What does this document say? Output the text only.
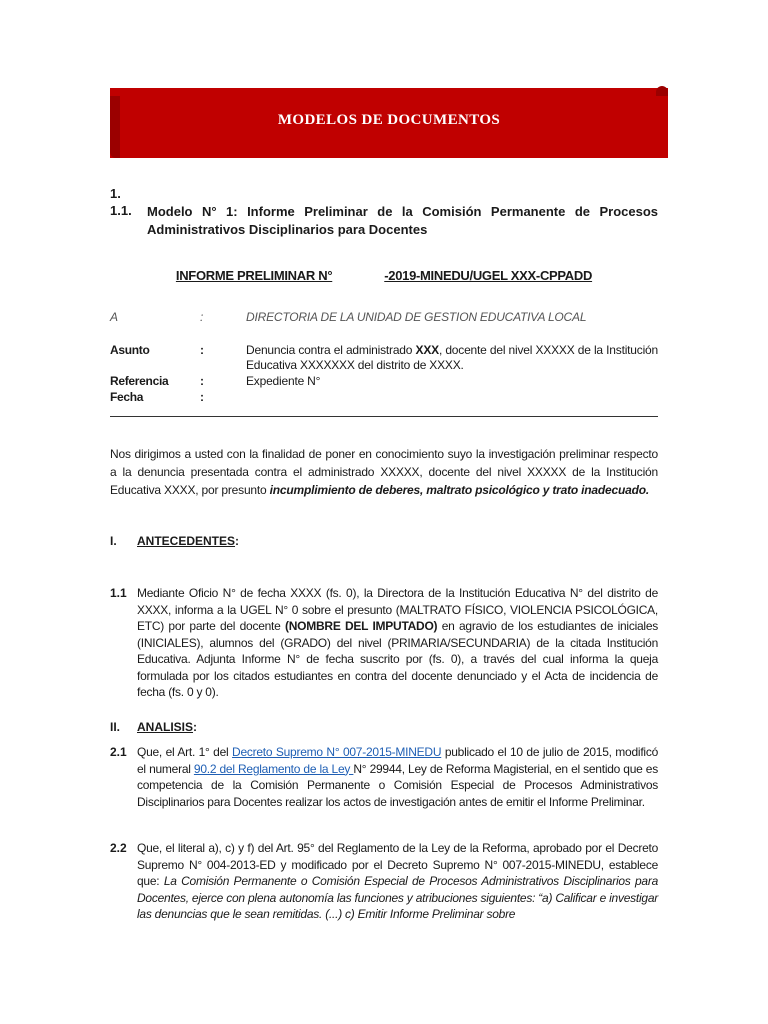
MODELOS DE DOCUMENTOS
1.
1.1. Modelo N° 1: Informe Preliminar de la Comisión Permanente de Procesos Administrativos Disciplinarios para Docentes
INFORME PRELIMINAR N°	-2019-MINEDU/UGEL XXX-CPPADD
A	:	DIRECTORIA DE LA UNIDAD DE GESTION EDUCATIVA LOCAL
Asunto	:	Denuncia contra el administrado XXX, docente del nivel XXXXX de la Institución Educativa XXXXXXX del distrito de XXXX.
Referencia	:	Expediente N°
Fecha	:
Nos dirigimos a usted con la finalidad de poner en conocimiento suyo la investigación preliminar respecto a la denuncia presentada contra el administrado XXXXX, docente del nivel XXXXX de la Institución Educativa XXXX, por presunto incumplimiento de deberes, maltrato psicológico y trato inadecuado.
I. ANTECEDENTES:
1.1 Mediante Oficio N° de fecha XXXX (fs. 0), la Directora de la Institución Educativa N° del distrito de XXXX, informa a la UGEL N° 0 sobre el presunto (MALTRATO FÍSICO, VIOLENCIA PSICOLÓGICA, ETC) por parte del docente (NOMBRE DEL IMPUTADO) en agravio de los estudiantes de iniciales (INICIALES), alumnos del (GRADO) del nivel (PRIMARIA/SECUNDARIA) de la citada Institución Educativa. Adjunta Informe N° de fecha suscrito por (fs. 0), a través del cual informa la queja formulada por los citados estudiantes en contra del docente denunciado y el Acta de incidencia de fecha (fs. 0 y 0).
II. ANALISIS:
2.1 Que, el Art. 1° del Decreto Supremo N° 007-2015-MINEDU publicado el 10 de julio de 2015, modificó el numeral 90.2 del Reglamento de la Ley N° 29944, Ley de Reforma Magisterial, en el sentido que es competencia de la Comisión Permanente o Comisión Especial de Procesos Administrativos Disciplinarios para Docentes realizar los actos de investigación antes de emitir el Informe Preliminar.
2.2 Que, el literal a), c) y f) del Art. 95° del Reglamento de la Ley de la Reforma, aprobado por el Decreto Supremo N° 004-2013-ED y modificado por el Decreto Supremo N° 007-2015-MINEDU, establece que: La Comisión Permanente o Comisión Especial de Procesos Administrativos Disciplinarios para Docentes, ejerce con plena autonomía las funciones y atribuciones siguientes: “a) Calificar e investigar las denuncias que le sean remitidas. (...) c) Emitir Informe Preliminar sobre
